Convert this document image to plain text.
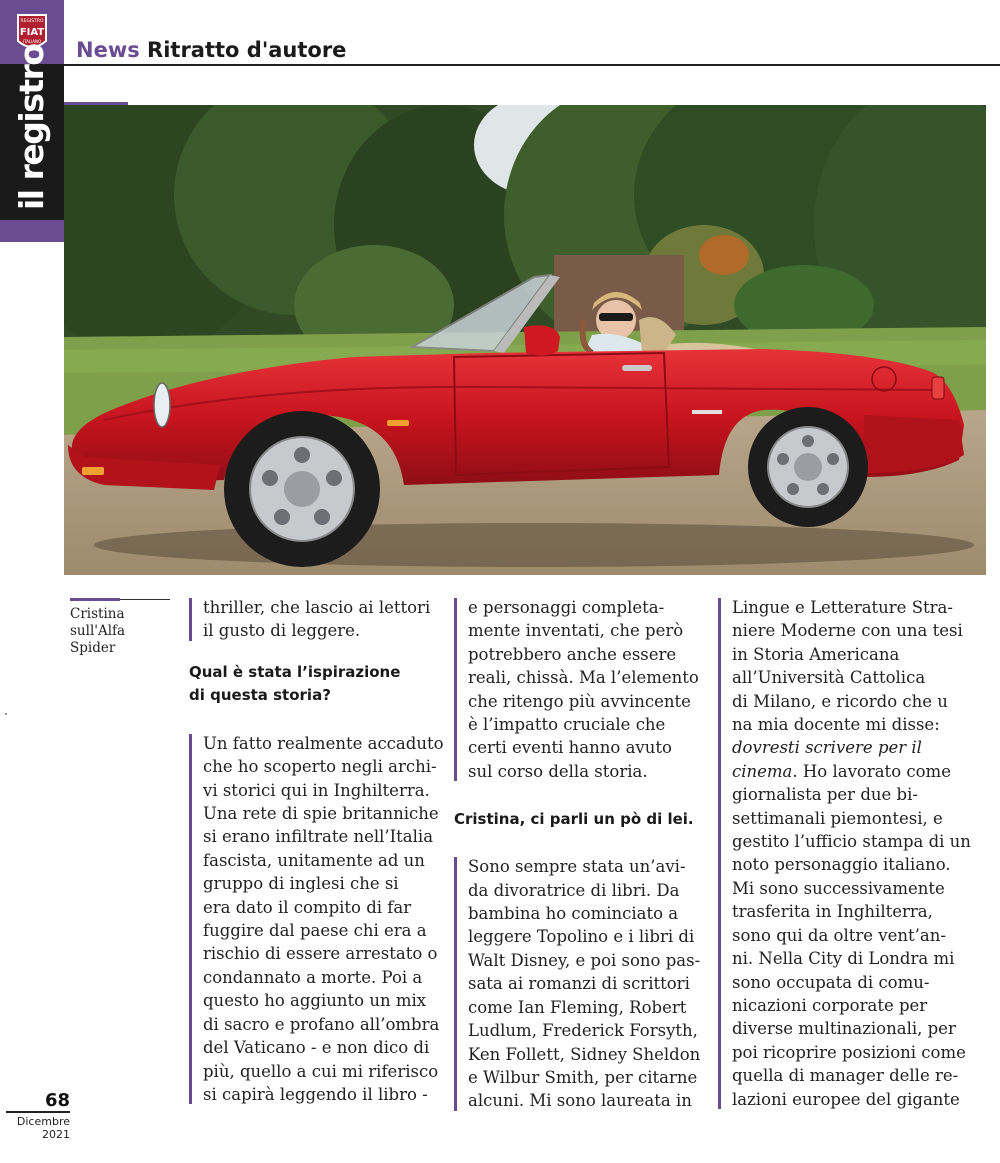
REGISTRO
FIAT
ITALIANO
il registro News Ritratto d'autore
Cristina
sull'Alfa
Spider
thriller, che lascio ai lettori
il gusto di leggere.
Qual è stata l’ispirazione
di questa storia?
Un fatto realmente accaduto
che ho scoperto negli archi-
vi storici qui in Inghilterra.
Una rete di spie britanniche
si erano infiltrate nell’Italia
fascista, unitamente ad un
gruppo di inglesi che si
era dato il compito di far
fuggire dal paese chi era a
rischio di essere arrestato o
condannato a morte. Poi a
questo ho aggiunto un mix
di sacro e profano all’ombra
del Vaticano - e non dico di
più, quello a cui mi riferisco
si capirà leggendo il libro -
e personaggi completa-
mente inventati, che però
potrebbero anche essere
reali, chissà. Ma l’elemento
che ritengo più avvincente
è l’impatto cruciale che
certi eventi hanno avuto
sul corso della storia.
Cristina, ci parli un pò di lei.
Sono sempre stata un’avi-
da divoratrice di libri. Da
bambina ho cominciato a
leggere Topolino e i libri di
Walt Disney, e poi sono pas-
sata ai romanzi di scrittori
come Ian Fleming, Robert
Ludlum, Frederick Forsyth,
Ken Follett, Sidney Sheldon
e Wilbur Smith, per citarne
alcuni. Mi sono laureata in
Lingue e Letterature Stra-
niere Moderne con una tesi
in Storia Americana
all’Università Cattolica
di Milano, e ricordo che u
na mia docente mi disse:
dovresti scrivere per il
cinema. Ho lavorato come
giornalista per due bi-
settimanali piemontesi, e
gestito l’ufficio stampa di un
noto personaggio italiano.
Mi sono successivamente
trasferita in Inghilterra,
sono qui da oltre vent’an-
ni. Nella City di Londra mi
sono occupata di comu-
nicazioni corporate per
diverse multinazionali, per
poi ricoprire posizioni come
quella di manager delle re-
lazioni europee del gigante
68
Dicembre
2021
